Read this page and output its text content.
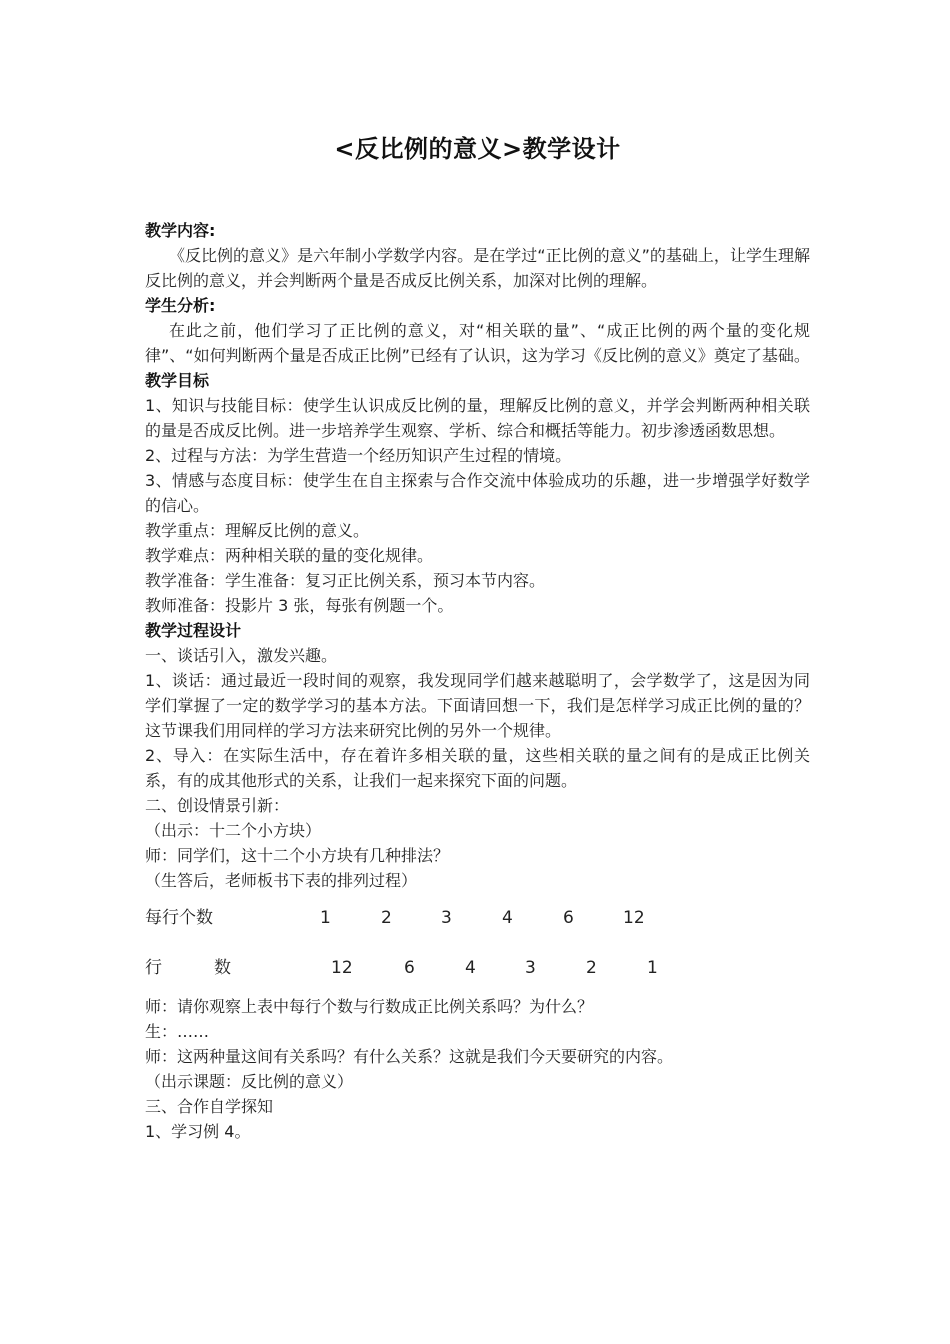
<反比例的意义>教学设计

教学内容:

《反比例的意义》是六年制小学数学内容。是在学过“正比例的意义”的基础上，让学生理解反比例的意义，并会判断两个量是否成反比例关系，加深对比例的理解。

学生分析:

在此之前，他们学习了正比例的意义，对“相关联的量”、“成正比例的两个量的变化规律”、“如何判断两个量是否成正比例”已经有了认识，这为学习《反比例的意义》奠定了基础。

教学目标

1、知识与技能目标：使学生认识成反比例的量，理解反比例的意义，并学会判断两种相关联的量是否成反比例。进一步培养学生观察、学析、综合和概括等能力。初步渗透函数思想。

2、过程与方法：为学生营造一个经历知识产生过程的情境。

3、情感与态度目标：使学生在自主探索与合作交流中体验成功的乐趣，进一步增强学好数学的信心。

教学重点：理解反比例的意义。

教学难点：两种相关联的量的变化规律。

教学准备：学生准备：复习正比例关系，预习本节内容。

教师准备：投影片 3 张，每张有例题一个。

教学过程设计

一、谈话引入，激发兴趣。

1、谈话：通过最近一段时间的观察，我发现同学们越来越聪明了，会学数学了，这是因为同学们掌握了一定的数学学习的基本方法。下面请回想一下，我们是怎样学习成正比例的量的？这节课我们用同样的学习方法来研究比例的另外一个规律。

2、导入：在实际生活中，存在着许多相关联的量，这些相关联的量之间有的是成正比例关系，有的成其他形式的关系，让我们一起来探究下面的问题。

二、创设情景引新：

（出示：十二个小方块）

师：同学们，这十二个小方块有几种排法？

（生答后，老师板书下表的排列过程）

每行个数	1	2	3	4	6	12
行	数	12	6	4	3	2	1

师：请你观察上表中每行个数与行数成正比例关系吗？为什么？

生：……

师：这两种量这间有关系吗？有什么关系？这就是我们今天要研究的内容。

（出示课题：反比例的意义）

三、合作自学探知

1、学习例 4。
